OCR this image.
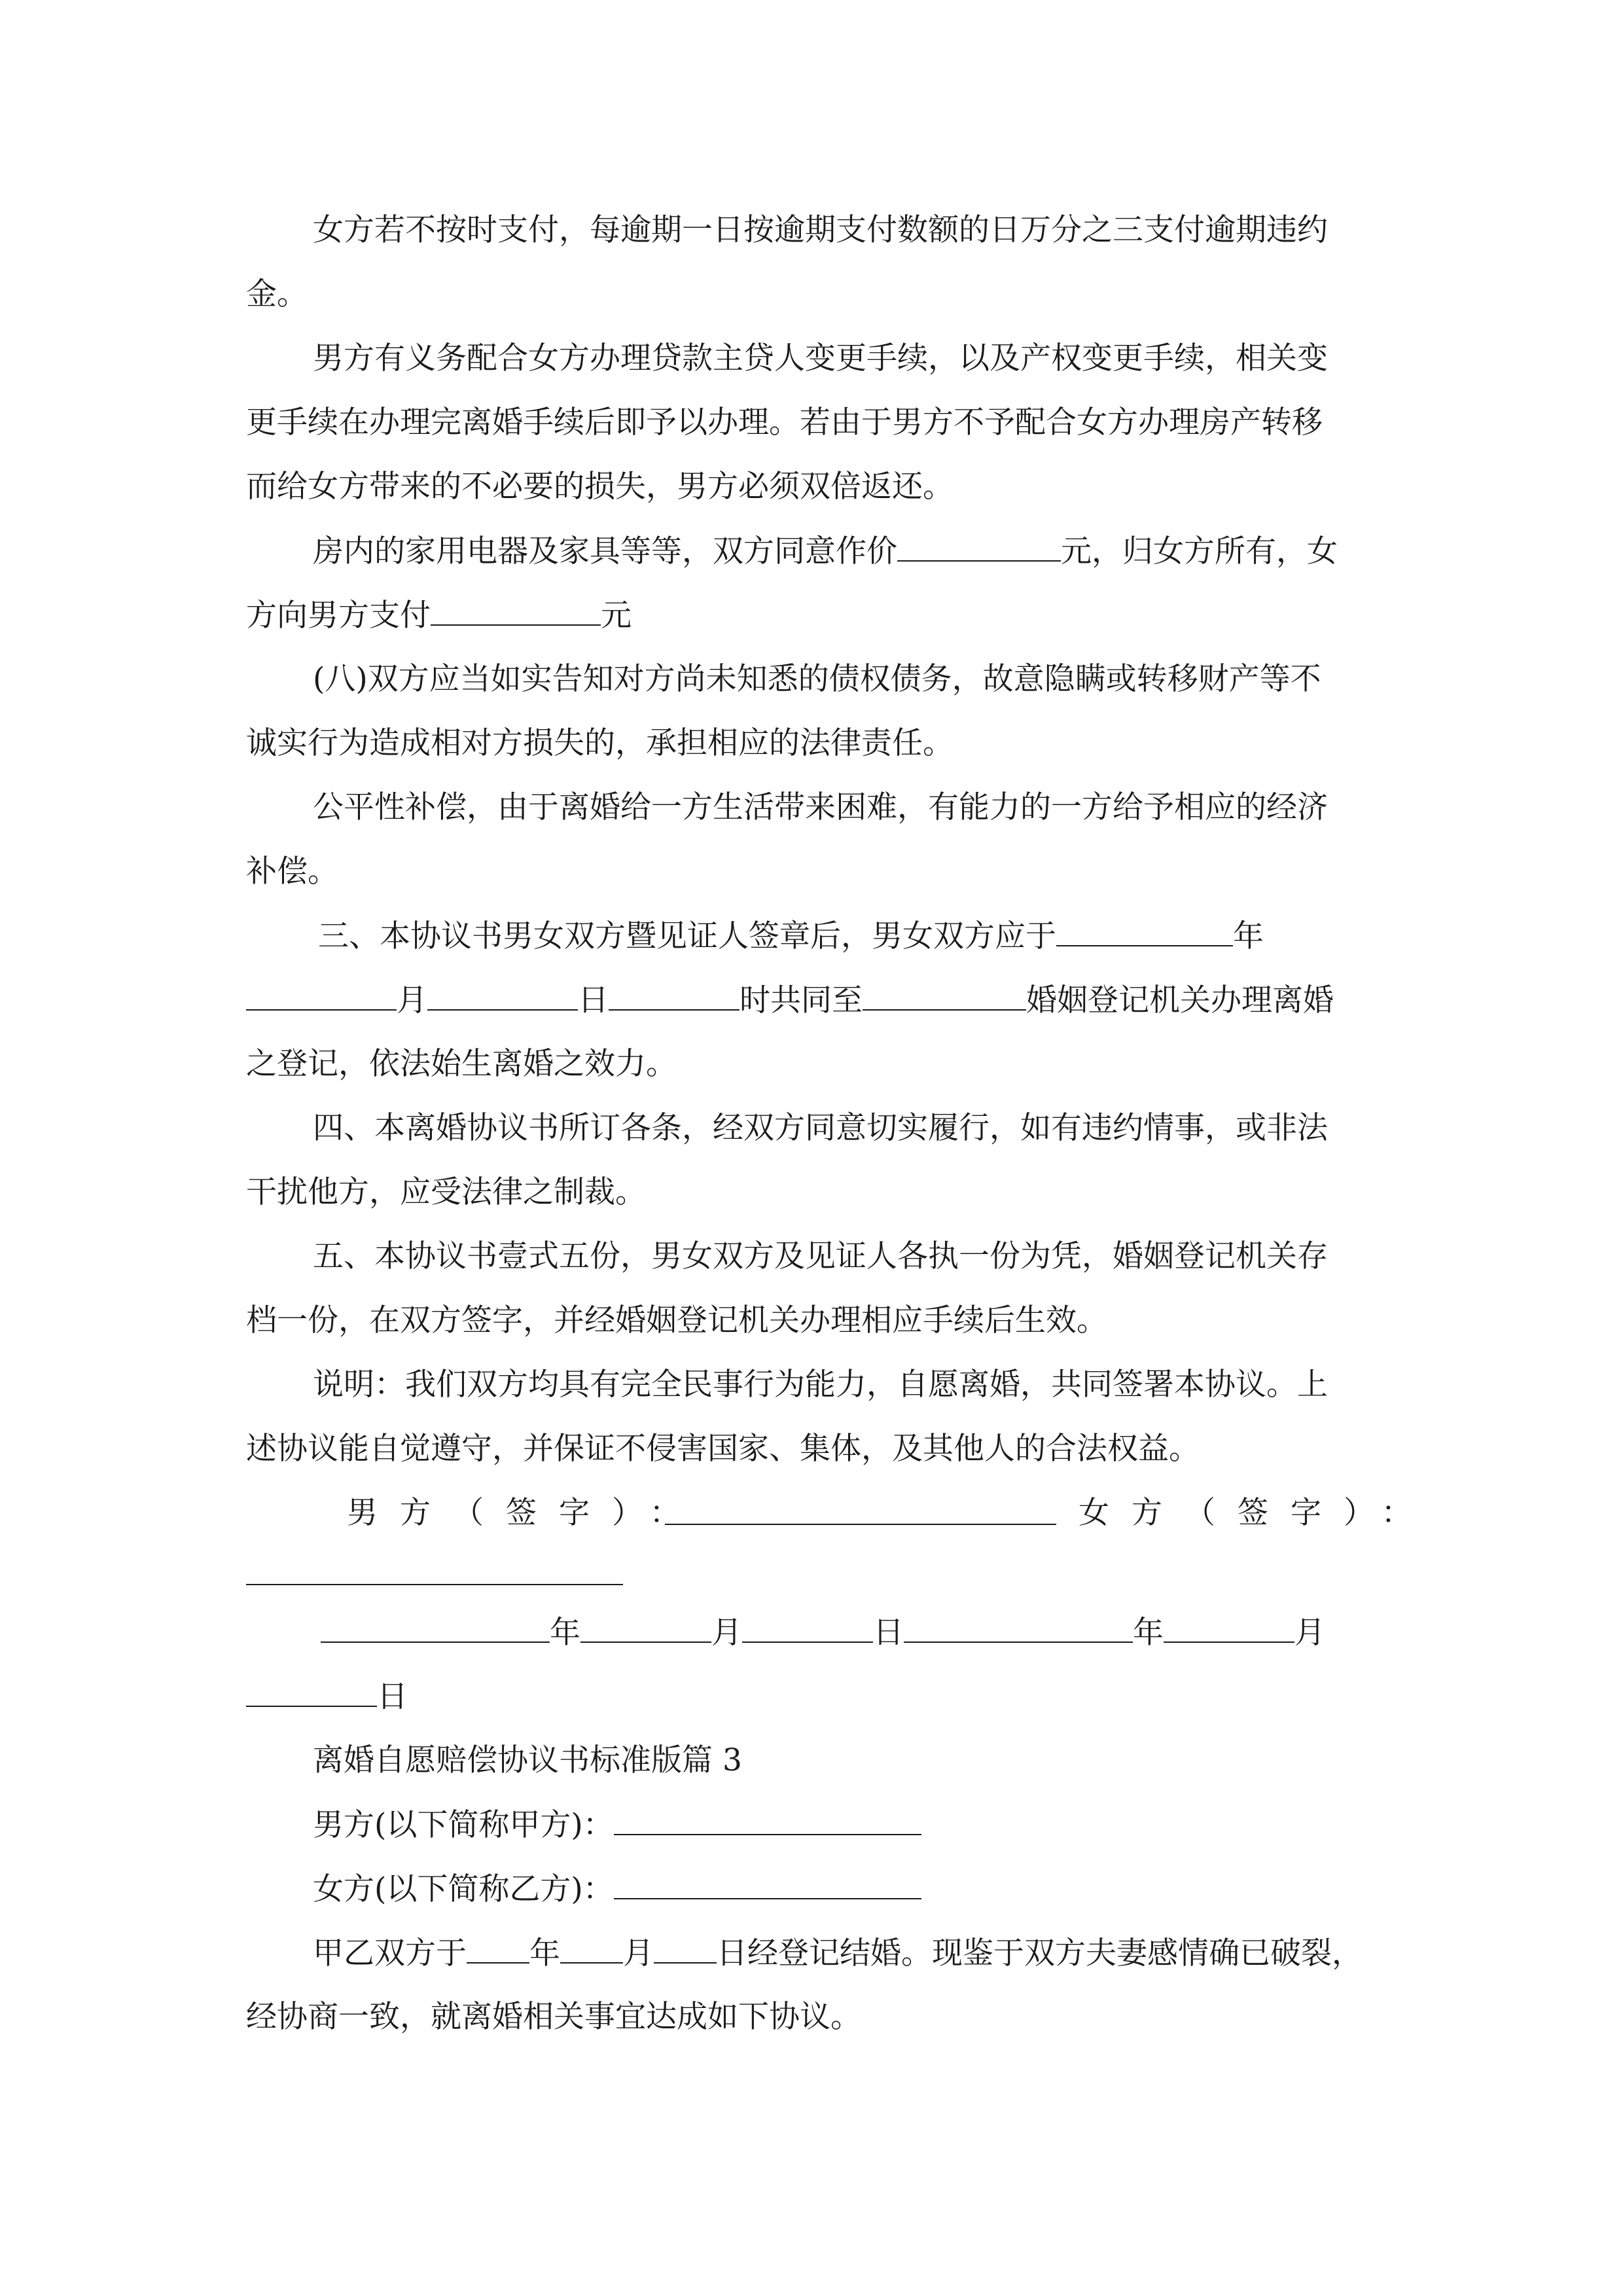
女方若不按时支付，每逾期一日按逾期支付数额的日万分之三支付逾期违约
金。
男方有义务配合女方办理贷款主贷人变更手续，以及产权变更手续，相关变
更手续在办理完离婚手续后即予以办理。若由于男方不予配合女方办理房产转移
而给女方带来的不必要的损失，男方必须双倍返还。
房内的家用电器及家具等等，双方同意作价	元，归女方所有，女
方向男方支付	元
(八)双方应当如实告知对方尚未知悉的债权债务，故意隐瞒或转移财产等不
诚实行为造成相对方损失的，承担相应的法律责任。
公平性补偿，由于离婚给一方生活带来困难，有能力的一方给予相应的经济
补偿。
三、本协议书男女双方暨见证人签章后，男女双方应于	年
月	日	时共同至	婚姻登记机关办理离婚
之登记，依法始生离婚之效力。
四、本离婚协议书所订各条，经双方同意切实履行，如有违约情事，或非法
干扰他方，应受法律之制裁。
五、本协议书壹式五份，男女双方及见证人各执一份为凭，婚姻登记机关存
档一份，在双方签字，并经婚姻登记机关办理相应手续后生效。
说明：我们双方均具有完全民事行为能力，自愿离婚，共同签署本协议。上
述协议能自觉遵守，并保证不侵害国家、集体，及其他人的合法权益。
男方（签字）：	女方（签字）：
年	月	日	年	月
日
离婚自愿赔偿协议书标准版篇 3
男方(以下简称甲方)：
女方(以下简称乙方)：
甲乙双方于 年 月 日经登记结婚。现鉴于双方夫妻感情确已破裂，
经协商一致，就离婚相关事宜达成如下协议。
